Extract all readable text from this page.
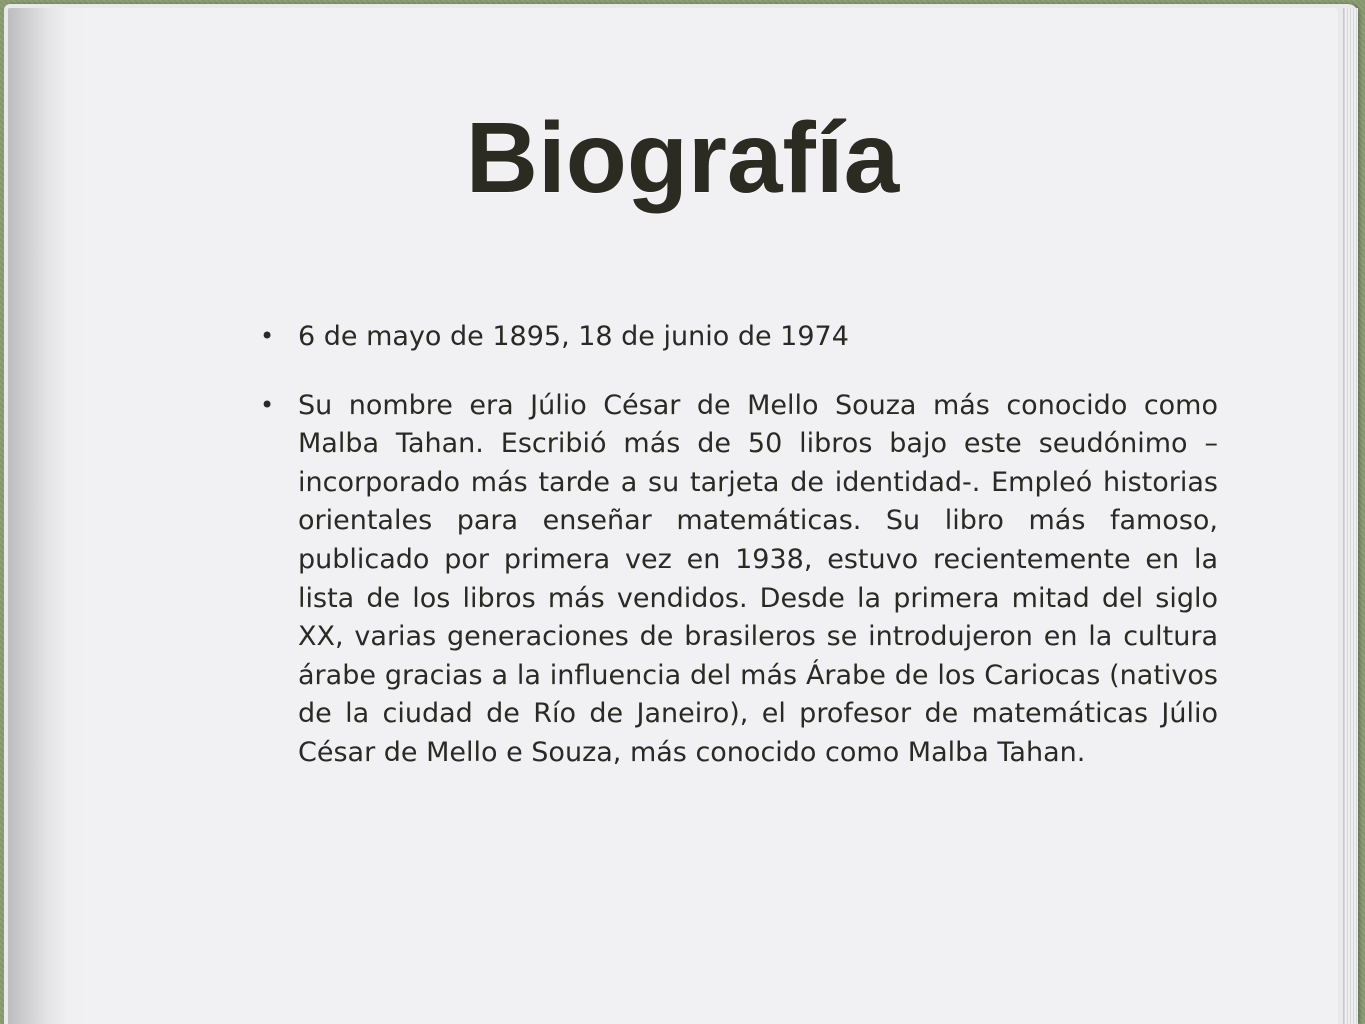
Biografía
• 6 de mayo de 1895, 18 de junio de 1974
• Su nombre era Júlio César de Mello Souza más conocido como Malba Tahan. Escribió más de 50 libros bajo este seudónimo –incorporado más tarde a su tarjeta de identidad-. Empleó historias orientales para enseñar matemáticas. Su libro más famoso, publicado por primera vez en 1938, estuvo recientemente en la lista de los libros más vendidos. Desde la primera mitad del siglo XX, varias generaciones de brasileros se introdujeron en la cultura árabe gracias a la influencia del más Árabe de los Cariocas (nativos de la ciudad de Río de Janeiro), el profesor de matemáticas Júlio César de Mello e Souza, más conocido como Malba Tahan.
